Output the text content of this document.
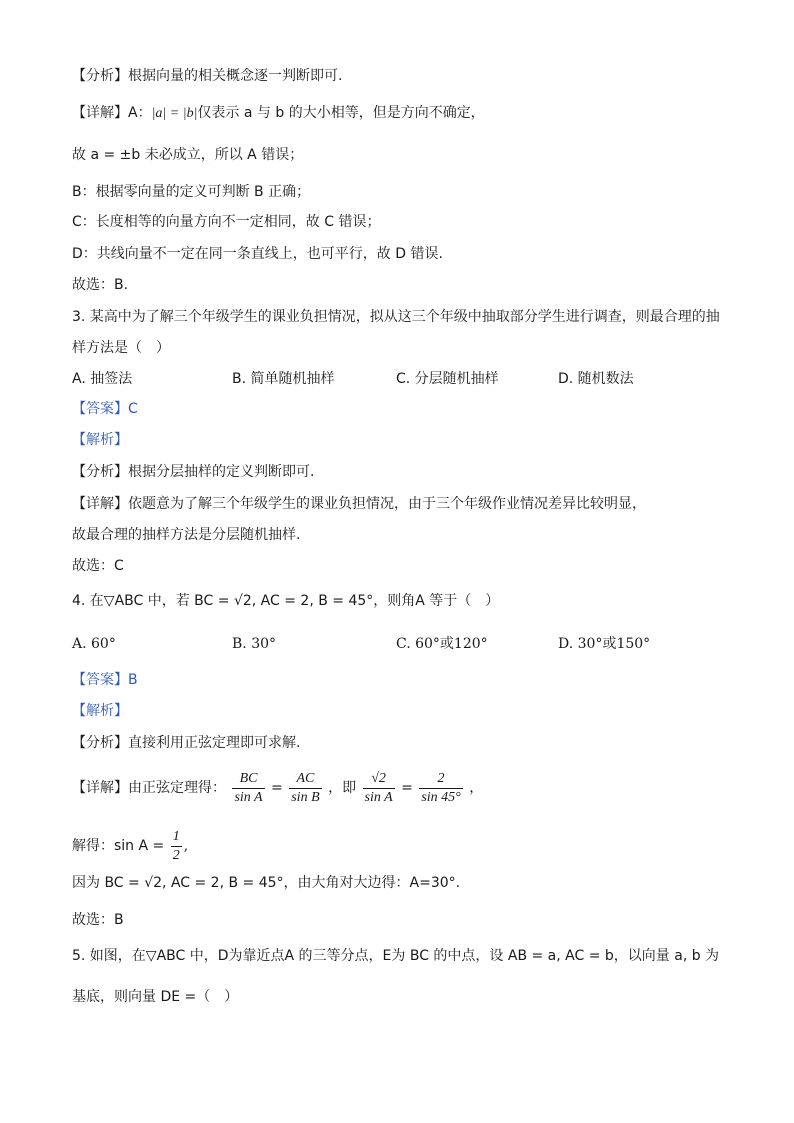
【分析】根据向量的相关概念逐一判断即可.
【详解】A：|a| = |b|仅表示 a 与 b 的大小相等，但是方向不确定，
故 a = ±b 未必成立，所以 A 错误；
B：根据零向量的定义可判断 B 正确；
C：长度相等的向量方向不一定相同，故 C 错误；
D：共线向量不一定在同一条直线上，也可平行，故 D 错误.
故选：B.
3. 某高中为了解三个年级学生的课业负担情况，拟从这三个年级中抽取部分学生进行调查，则最合理的抽
样方法是（　）
A. 抽签法	B. 简单随机抽样	C. 分层随机抽样	D. 随机数法
【答案】C
【解析】
【分析】根据分层抽样的定义判断即可.
【详解】依题意为了解三个年级学生的课业负担情况，由于三个年级作业情况差异比较明显，
故最合理的抽样方法是分层随机抽样.
故选：C
4. 在▽ABC 中，若 BC = √2, AC = 2, B = 45°，则角A 等于（　）
A. 60°	B. 30°	C. 60°或120°	D. 30°或150°
【答案】B
【解析】
【分析】直接利用正弦定理即可求解.
【详解】由正弦定理得： $\frac{BC}{\text{sin A}} = \frac{AC}{\text{sin B}}$ ，即 $\frac{√2}{\text{sin A}} = \frac{2}{\sin 45^\circ}$ ，
解得：$\sin A = \frac{1}{2}$ ,
因为 BC = √2, AC = 2, B = 45°，由大角对大边得：A=30°.
故选：B
5. 如图，在▽ABC 中，D为靠近点A 的三等分点，E为 BC 的中点，设 AB = a, AC = b，以向量 a, b 为
基底，则向量 DE =（　）
